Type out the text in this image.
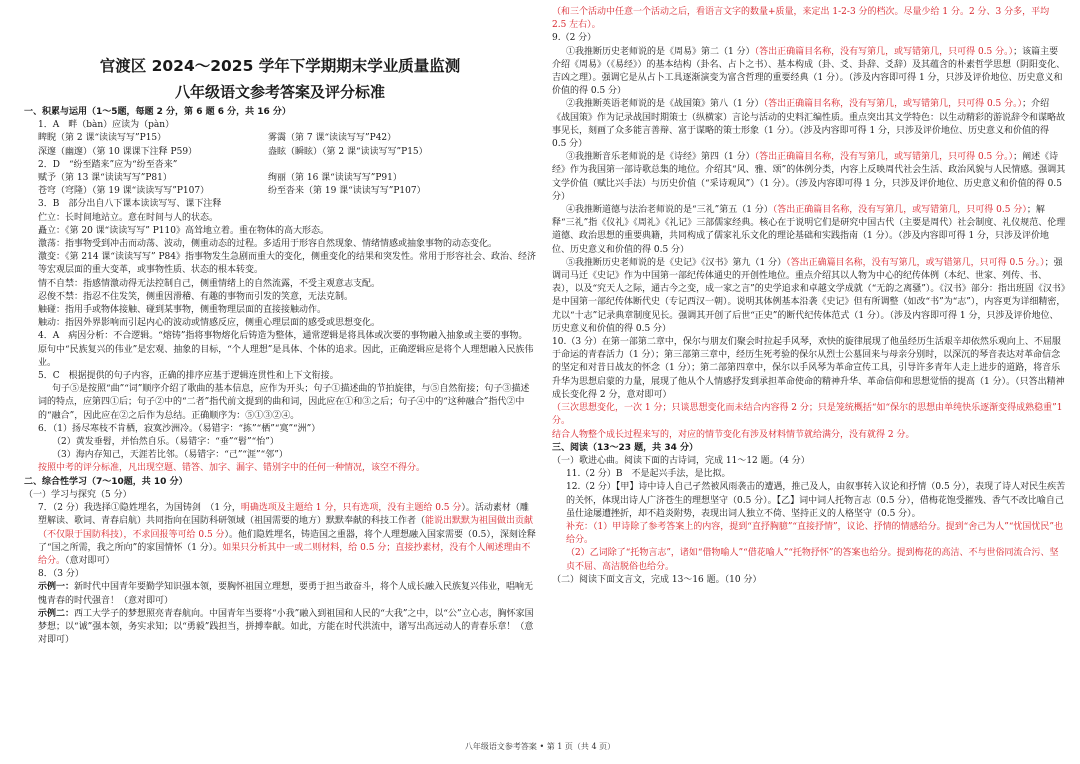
官渡区 2024～2025 学年下学期期末学业质量监测
八年级语文参考答案及评分标准

一、积累与运用（1～5题，每题 2 分，第 6 题 6 分，共 16 分）

1．A　畔（bàn）应读为（pàn）

睥睨（第 2 课“读读写写”P15）	雾霭（第 7 课“读读写写”P42）

深邃（幽邃）（第 10 课课下注释 P59）	盎眩（瞬眩）（第 2 课“读读写写”P15）

2．D　“纷至踏来”应为“纷至沓来”

赋予（第 13 课“读读写写”P81）	绚丽（第 16 课“读读写写”P91）

苍穹（穹隆）（第 19 课“读读写写”P107）	纷至沓来（第 19 课“读读写写”P107）

3．B　部分出自八下课本读读写写、课下注释

伫立：长时间地站立。意在时间与人的状态。

矗立：《第 20 课“读读写写” P110》高耸地立着。重在物体的高大形态。

激荡：指事物受到冲击而动荡、波动，侧重动态的过程。多适用于形容自然现象、情绪情感或抽象事物的动态变化。

激变：《第 214 课“读读写写” P84》指事物发生急剧而重大的变化，侧重变化的结果和突发性。常用于形容社会、政治、经济等宏观层面的重大变革，或事物性质、状态的根本转变。

情不自禁：指感情激动得无法控制自己，侧重情绪上的自然流露，不受主观意志支配。

忍俊不禁：指忍不住发笑，侧重因滑稽、有趣的事物而引发的笑意，无法克制。

触碰：指用手或物体接触、碰到某事物，侧重物理层面的直接接触动作。

触动：指因外界影响而引起内心的波动或情感反应，侧重心理层面的感受或思想变化。

4．A　病因分析：不合逻辑。“熔铸”指将事物熔化后铸造为整体，通常逻辑是将具体或次要的事物融入抽象或主要的事物。原句中“民族复兴的伟业”是宏观、抽象的目标，“个人理想”是具体、个体的追求。因此，正确逻辑应是将个人理想融入民族伟业。

5．C　根据提供的句子内容，正确的排序应基于逻辑连贯性和上下文衔接。

句子⑤是按照“曲”“词”顺序介绍了歌曲的基本信息，应作为开头；句子①描述曲的节拍旋律，与⑤自然衔接；句子③描述词的特点，应第四①后；句子②中的“二者”指代前文提到的曲和词，因此应在①和③之后；句子④中的“这种融合”指代②中的“融合”，因此应在②之后作为总结。正确顺序为：⑤①③②④。

6．（1）扬尽寒枝不肯栖，寂寞沙洲冷。（易错字：“拣”“栖”“寞”“洲”）

（2）黄发垂髫，并怡然自乐。（易错字：“垂”“髫”“怡”）

（3）海内存知己，天涯若比邻。（易错字：“己”“涯”“邻”）

按照中考的评分标准，凡出现空题、错答、加字、漏字、错别字中的任何一种情况，该空不得分。

二、综合性学习（7～10题，共 10 分）

（一）学习与探究（5 分）

7．（2 分）我选择①隐姓埋名，为国铸剑　（1 分，明确选项及主题给 1 分，只有选项，没有主题给 0.5 分）。活动素材（雕塑解读、歌词、青春启航）共同指向在国防科研领域（祖国需要的地方）默默奉献的科技工作者（能说出默默为祖国做出贡献（不仅限于国防科技），不求回报等可给 0.5 分）。他们隐姓埋名，铸造国之重器，将个人理想融入国家需要（0.5），深刻诠释了“国之所需，我之所向”的家国情怀（1 分）。如果只分析其中一或二则材料，给 0.5 分；直接抄素材，没有个人阐述理由不给分。（意对即可）

8．（3 分）

示例一：新时代中国青年要勤学知识强本领，要胸怀祖国立理想，要勇于担当敢奋斗，将个人成长融入民族复兴伟业，唱响无愧青春的时代强音！（意对即可）

示例二：西工大学子的梦想照亮青春航向。中国青年当要将“小我”融入到祖国和人民的“大我”之中，以“公”立心志，胸怀家国梦想；以“诚”强本领，务实求知；以“勇毅”践担当，拼搏奉献。如此，方能在时代洪流中，谱写出高远动人的青春乐章！（意对即可）

（和三个活动中任意一个活动之后，看语言文字的数量+质量，来定出 1-2-3 分的档次。尽量少给 1 分。2 分、3 分多，平均 2.5 左右）。

9.（2 分）

①我推断历史老师说的是《周易》第二（1 分）（答出正确篇目名称，没有写第几，或写错第几，只可得 0.5 分。）；该篇主要介绍《周易》（《易经》）的基本结构（卦名、占卜之书）、基本构成（卦、爻、卦辞、爻辞）及其蕴含的朴素哲学思想（阴阳变化、吉凶之理）。强调它是从占卜工具逐渐演变为富含哲理的重要经典（1 分）。（涉及内容即可得 1 分，只涉及评价地位、历史意义和价值的得 0.5 分）

②我推断英语老师说的是《战国策》第八（1 分）（答出正确篇目名称，没有写第几，或写错第几，只可得 0.5 分。）；介绍《战国策》作为记录战国时期策士（纵横家）言论与活动的史料汇编性质。重点突出其文学特色：以生动精彩的游说辞令和谋略故事见长，刻画了众多能言善辩、富于谋略的策士形象（1 分）。（涉及内容即可得 1 分，只涉及评价地位、历史意义和价值的得 0.5 分）

③我推断音乐老师说的是《诗经》第四（1 分）（答出正确篇目名称，没有写第几，或写错第几，只可得 0.5 分。）；阐述《诗经》作为我国第一部诗歌总集的地位。介绍其“风、雅、颂”的体例分类，内容上反映周代社会生活、政治风貌与人民情感。强调其文学价值（赋比兴手法）与历史价值（“采诗观风”）（1 分）。（涉及内容即可得 1 分，只涉及评价地位、历史意义和价值的得 0.5 分）

④我推断道德与法治老师说的是“三礼”第五（1 分）（答出正确篇目名称，没有写第几，或写错第几，只可得 0.5 分）；解释“三礼”指《仪礼》《周礼》《礼记》三部儒家经典。核心在于说明它们是研究中国古代（主要是周代）社会制度、礼仪规范、伦理道德、政治思想的重要典籍，共同构成了儒家礼乐文化的理论基础和实践指南（1 分）。（涉及内容即可得 1 分，只涉及评价地位、历史意义和价值的得 0.5 分）

⑤我推断历史老师说的是《史记》《汉书》第九（1 分）（答出正确篇目名称，没有写第几，或写错第几，只可得 0.5 分。）；强调司马迁《史记》作为中国第一部纪传体通史的开创性地位。重点介绍其以人物为中心的纪传体例（本纪、世家、列传、书、表），以及“究天人之际，通古今之变，成一家之言”的史学追求和卓越文学成就（“无韵之离骚”）。《汉书》部分：指出班固《汉书》是中国第一部纪传体断代史（专记西汉一朝）。说明其体例基本沿袭《史记》但有所调整（如改“书”为“志”），内容更为详细精密，尤以“十志”记录典章制度见长。强调其开创了后世“正史”的断代纪传体范式（1 分）。（涉及内容即可得 1 分，只涉及评价地位、历史意义和价值的得 0.5 分）

10.（3 分）在第一部第二章中，保尔与朋友们聚会时拉起手风琴，欢快的旋律展现了他虽经历生活艰辛却依然乐观向上、不屈服于命运的青春活力（1 分）；第三部第三章中，经历生死考验的保尔从烈士公墓回来与母亲分别时，以深沉的琴音表达对革命信念的坚定和对昔日战友的怀念（1 分）；第二部第四章中，保尔以手风琴为革命宣传工具，引导许多青年人走上进步的道路，将音乐升华为思想启蒙的力量，展现了他从个人情感抒发到承担革命使命的精神升华、革命信仰和思想觉悟的提高（1 分）。（只答出精神成长变化得 2 分，意对即可）

（三次思想变化，一次 1 分；只谈思想变化而未结合内容得 2 分；只是笼统概括“如“保尔的思想由单纯快乐逐渐变得成熟稳重”1 分。

结合人物整个成长过程来写的，对应的情节变化有涉及材料情节就给满分，没有就得 2 分。

三、阅读（13～23 题，共 34 分）

（一）歌进心曲。阅读下面的古诗词，完成 11～12 题。（4 分）

11.（2 分）B　不是起兴手法，是比拟。

12.（2 分）【甲】诗中诗人自己孑然被风雨袭击的遭遇，推己及人，由叙事转入议论和抒情（0.5 分），表现了诗人对民生疾苦的关怀，体现出诗人广济苍生的理想坚守（0.5 分）。【乙】词中词人托物言志（0.5 分），借梅花饱受摧残、香气不改比喻自己虽仕途屡遭挫折，却不趋炎附势，表现出词人独立不倚、坚持正义的人格坚守（0.5 分）。

补充：（1）甲诗除了参考答案上的内容，提到“直抒胸臆”“直接抒情”，议论、抒情的情感给分。提到“舍己为人”“忧国忧民”也给分。

（2）乙词除了“托物言志”，诸如“借物喻人”“借花喻人”“托物抒怀”的答案也给分。提到梅花的高洁、不与世俗同流合污、坚贞不屈、高洁脱俗也给分。

（二）阅读下面文言文，完成 13～16 题。（10 分）

八年级语文参考答案 • 第 1 页（共 4 页）
